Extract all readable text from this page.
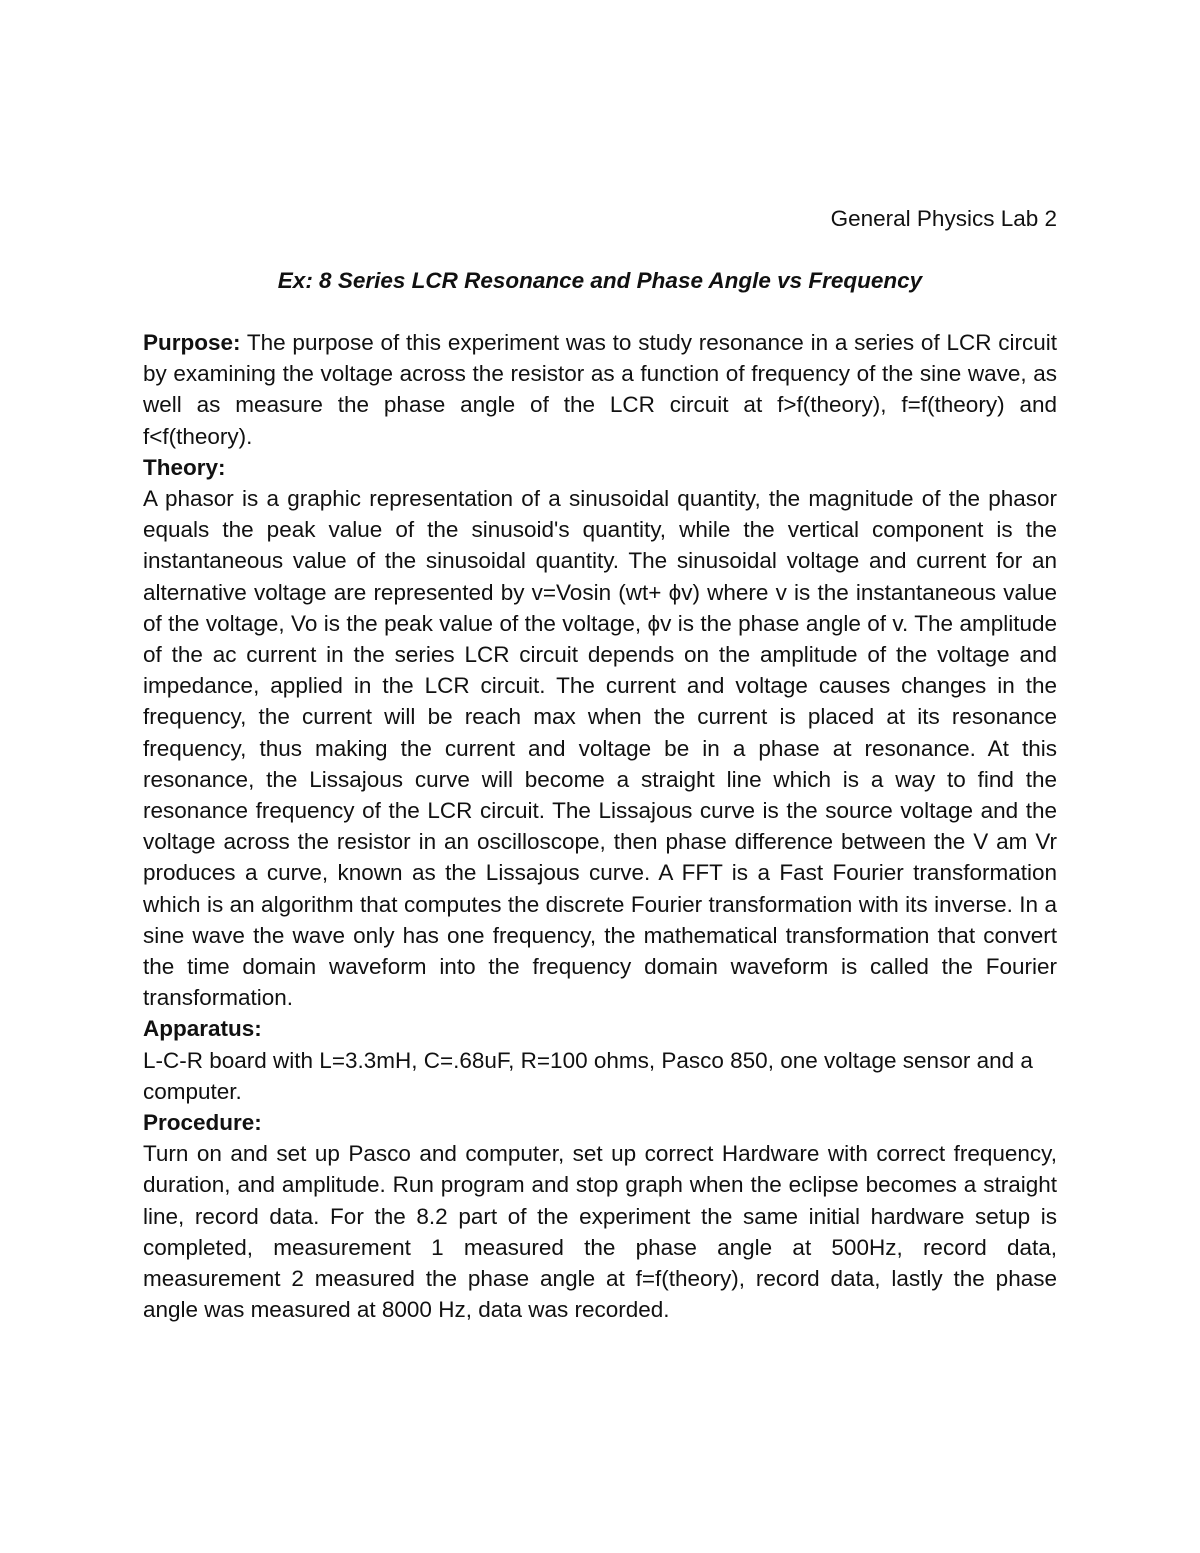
General Physics Lab 2
Ex: 8 Series LCR Resonance and Phase Angle vs Frequency

Purpose: The purpose of this experiment was to study resonance in a series of LCR circuit by examining the voltage across the resistor as a function of frequency of the sine wave, as well as measure the phase angle of the LCR circuit at f>f(theory), f=f(theory) and f<f(theory).

Theory:

A phasor is a graphic representation of a sinusoidal quantity, the magnitude of the phasor equals the peak value of the sinusoid's quantity, while the vertical component is the instantaneous value of the sinusoidal quantity. The sinusoidal voltage and current for an alternative voltage are represented by v=Vosin (wt+ ϕv) where v is the instantaneous value of the voltage, Vo is the peak value of the voltage, ϕv is the phase angle of v. The amplitude of the ac current in the series LCR circuit depends on the amplitude of the voltage and impedance, applied in the LCR circuit. The current and voltage causes changes in the frequency, the current will be reach max when the current is placed at its resonance frequency, thus making the current and voltage be in a phase at resonance. At this resonance, the Lissajous curve will become a straight line which is a way to find the resonance frequency of the LCR circuit. The Lissajous curve is the source voltage and the voltage across the resistor in an oscilloscope, then phase difference between the V am Vr produces a curve, known as the Lissajous curve. A FFT is a Fast Fourier transformation which is an algorithm that computes the discrete Fourier transformation with its inverse. In a sine wave the wave only has one frequency, the mathematical transformation that convert the time domain waveform into the frequency domain waveform is called the Fourier transformation.

Apparatus:

L-C-R board with L=3.3mH, C=.68uF, R=100 ohms, Pasco 850, one voltage sensor and a computer.

Procedure:

Turn on and set up Pasco and computer, set up correct Hardware with correct frequency, duration, and amplitude. Run program and stop graph when the eclipse becomes a straight line, record data. For the 8.2 part of the experiment the same initial hardware setup is completed, measurement 1 measured the phase angle at 500Hz, record data, measurement 2 measured the phase angle at f=f(theory), record data, lastly the phase angle was measured at 8000 Hz, data was recorded.
